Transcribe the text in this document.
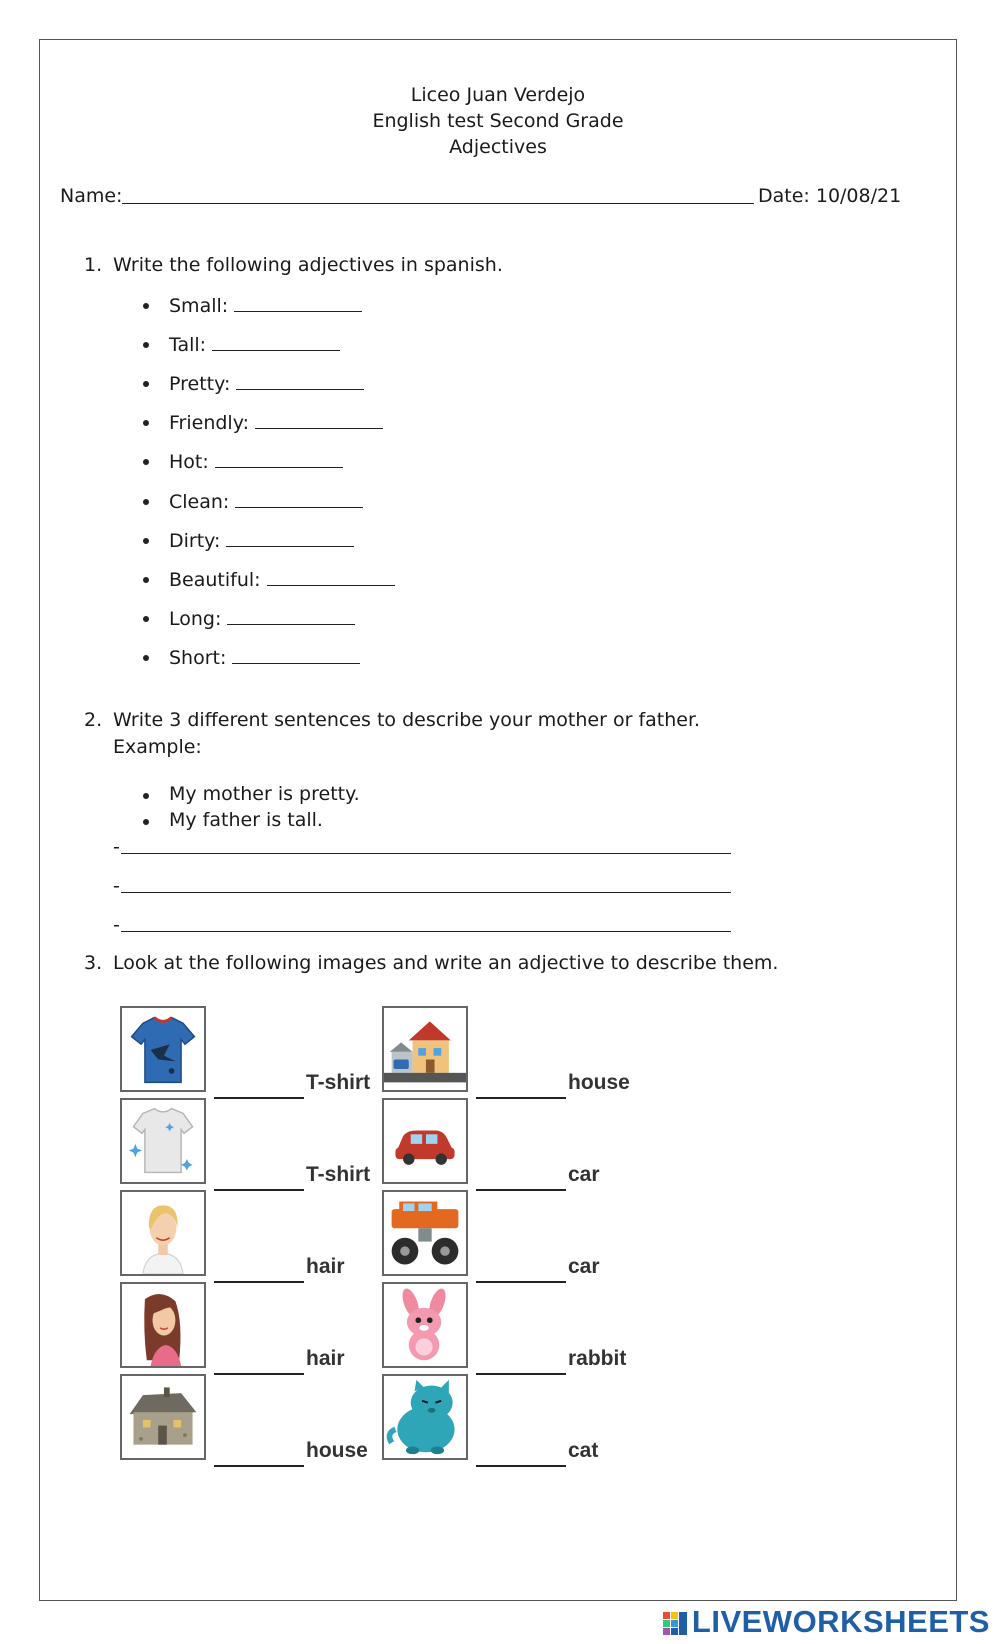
Liceo Juan Verdejo
English test Second Grade
Adjectives
Name:	Date: 10/08/21
1. Write the following adjectives in spanish.
Small:
Tall:
Pretty:
Friendly:
Hot:
Clean:
Dirty:
Beautiful:
Long:
Short:
2. Write 3 different sentences to describe your mother or father.
Example:
My mother is pretty.
My father is tall.
-
-
-
3. Look at the following images and write an adjective to describe them.
T-shirt	house
T-shirt	car
hair	car
hair	rabbit
house	cat
LIVEWORKSHEETS
